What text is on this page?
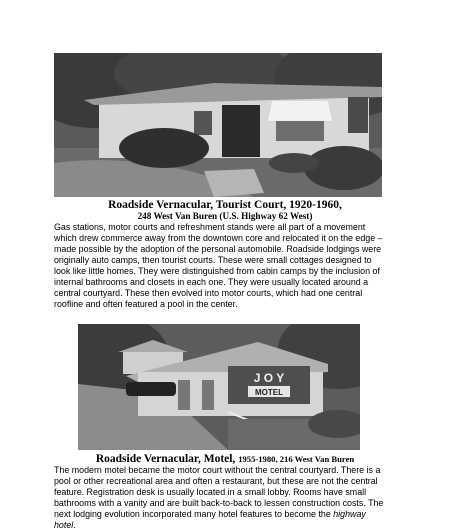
Roadside Vernacular, Tourist Court, 1920-1960,
248 West Van Buren (U.S. Highway 62 West)

Gas stations, motor courts and refreshment stands were all part of a movement which drew commerce away from the downtown core and relocated it on the edge –made possible by the adoption of the personal automobile. Roadside lodgings were originally auto camps, then tourist courts. These were small cottages designed to look like little homes. They were distinguished from cabin camps by the inclusion of internal bathrooms and closets in each one. They were usually located around a central courtyard. These then evolved into motor courts, which had one central roofline and often featured a pool in the center.

J O Y
MOTEL
Roadside Vernacular, Motel, 1955-1980, 216 West Van Buren

The modern motel became the motor court without the central courtyard. There is a pool or other recreational area and often a restaurant, but these are not the central feature. Registration desk is usually located in a small lobby. Rooms have small bathrooms with a vanity and are built back-to-back to lessen construction costs. The next lodging evolution incorporated many hotel features to become the highway hotel.
